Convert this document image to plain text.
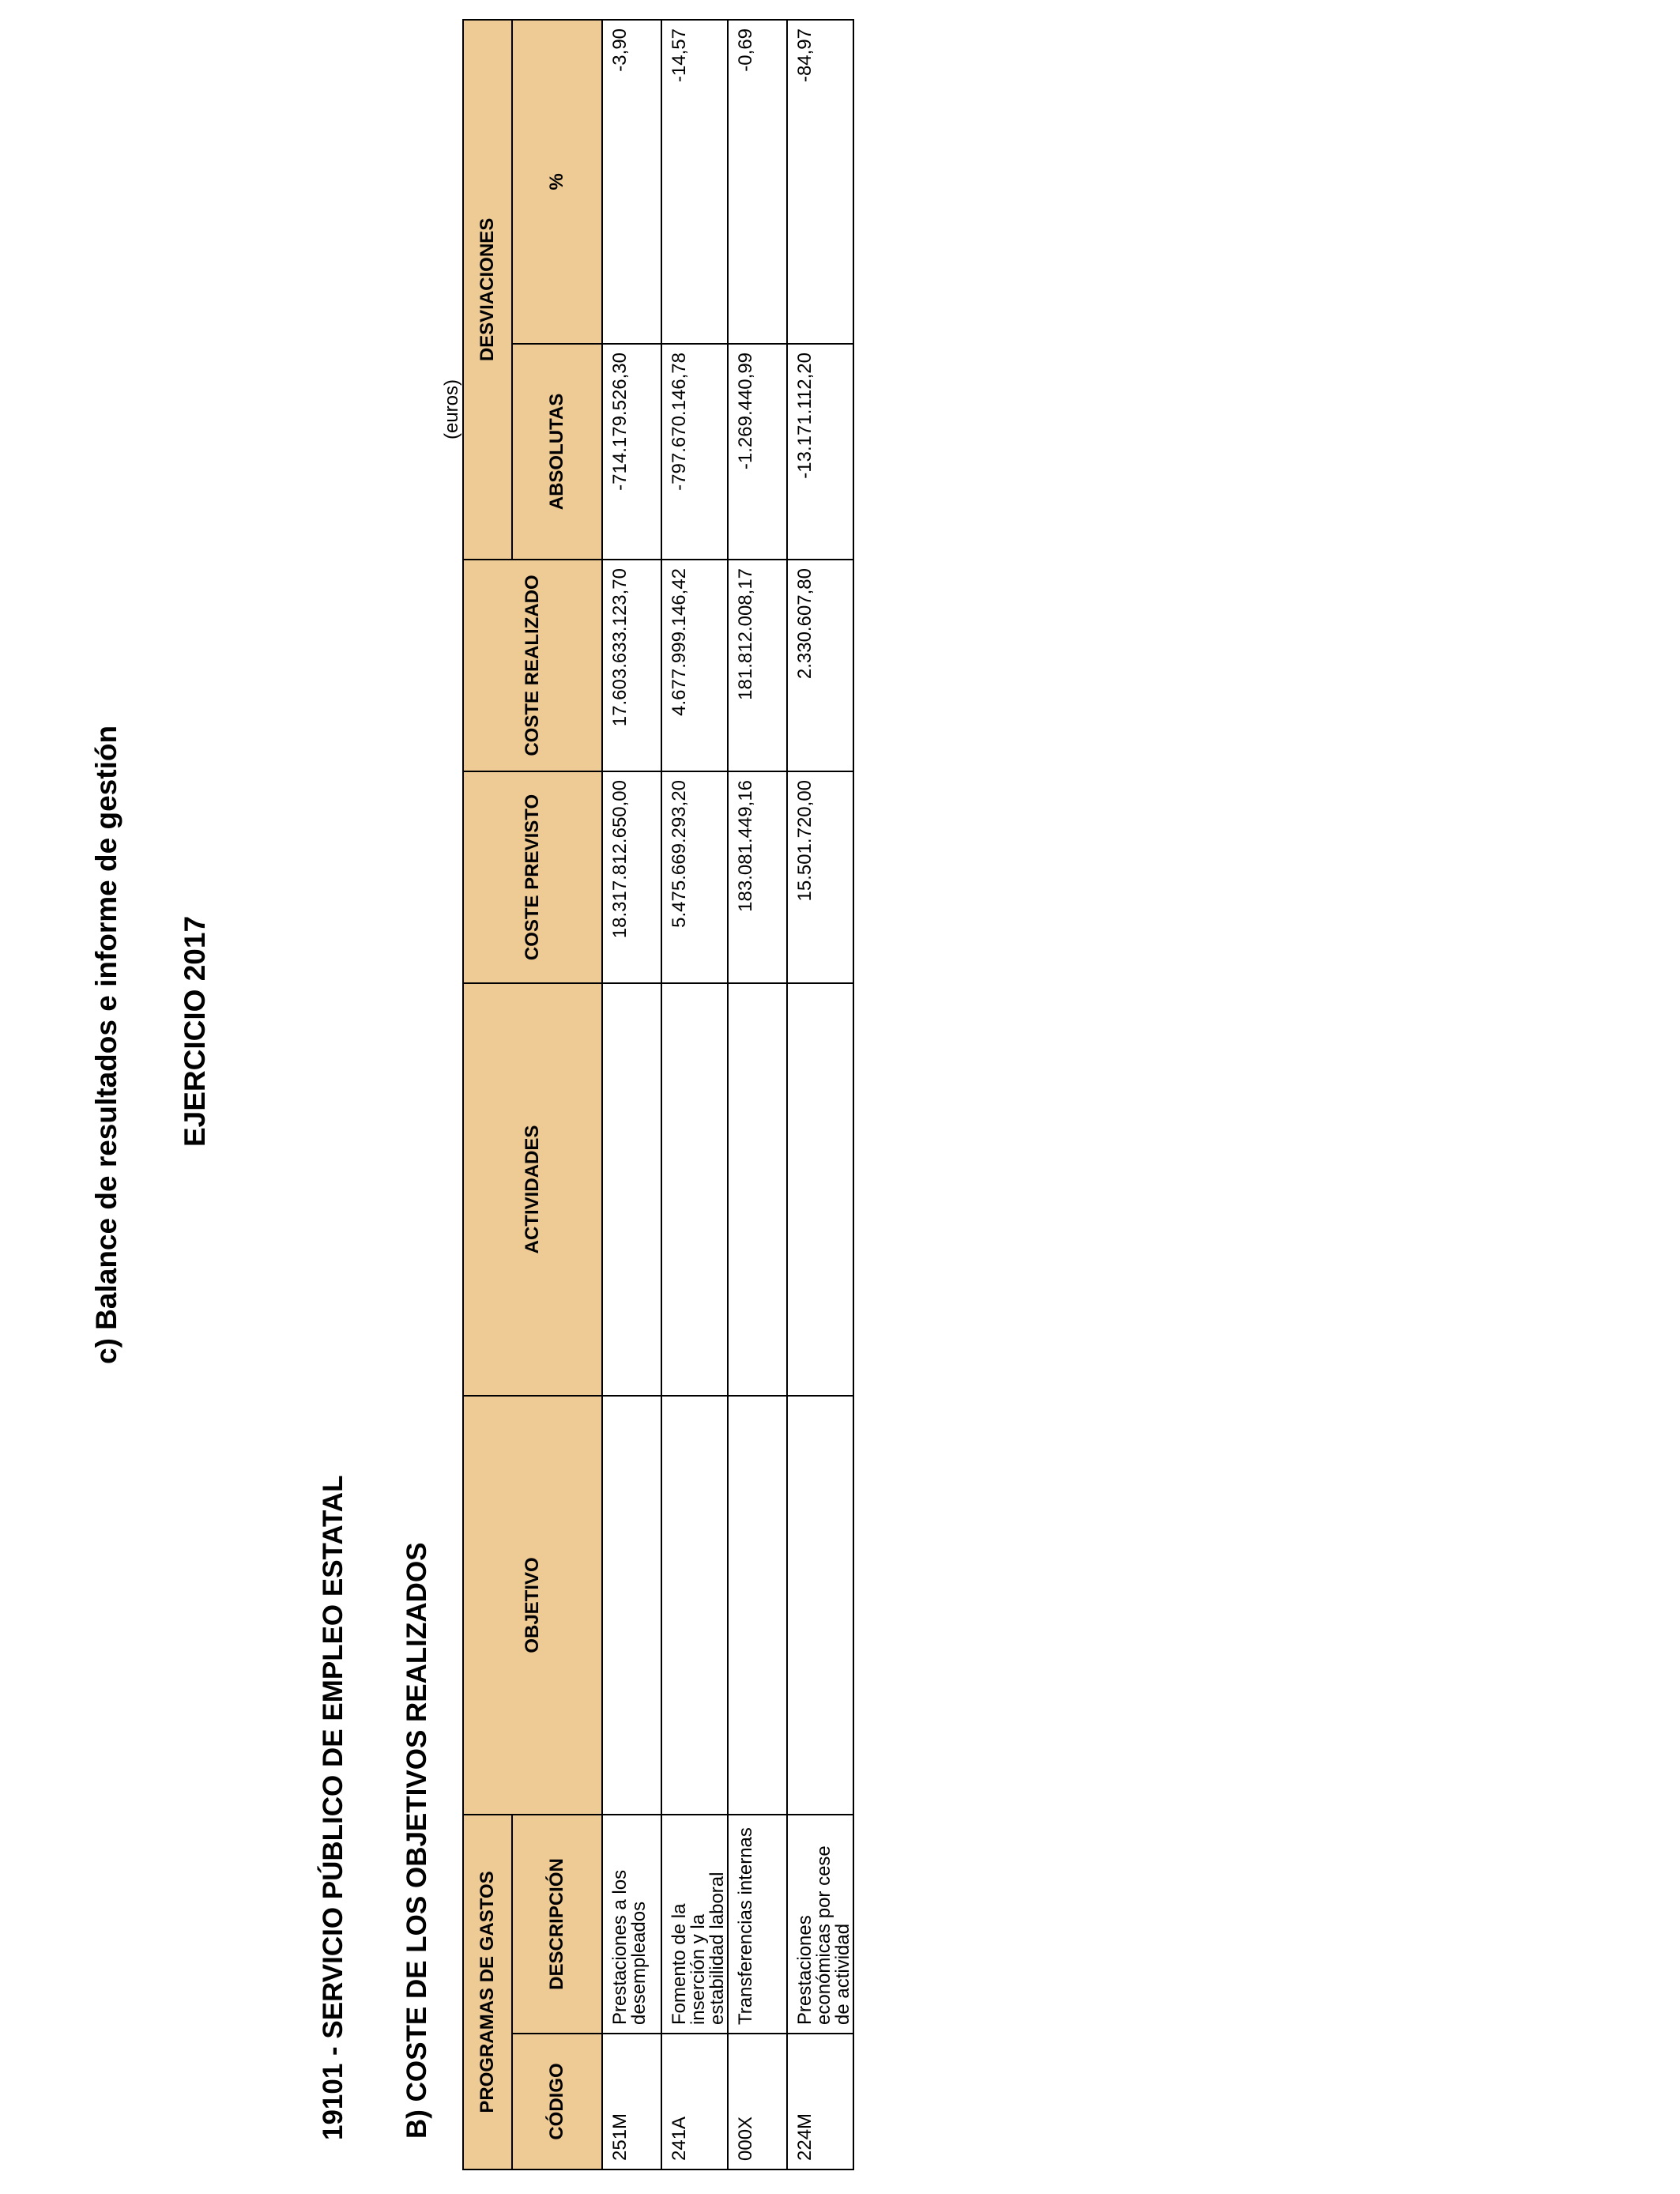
c) Balance de resultados e informe de gestión EJERCICIO 2017
19101 - SERVICIO PÚBLICO DE EMPLEO ESTATAL B) COSTE DE LOS OBJETIVOS REALIZADOS
(euros)
PROGRAMAS DE GASTOS		OBJETIVO	ACTIVIDADES	COSTE PREVISTO	COSTE REALIZADO	DESVIACIONES	
CÓDIGO	DESCRIPCIÓN					ABSOLUTAS	%
251M	Prestaciones a los desempleados			18.317.812.650,00	17.603.633.123,70	-714.179.526,30	-3,90
241A	Fomento de la inserción y la estabilidad laboral			5.475.669.293,20	4.677.999.146,42	-797.670.146,78	-14,57
000X	Transferencias internas			183.081.449,16	181.812.008,17	-1.269.440,99	-0,69
224M	Prestaciones económicas por cese de actividad			15.501.720,00	2.330.607,80	-13.171.112,20	-84,97
